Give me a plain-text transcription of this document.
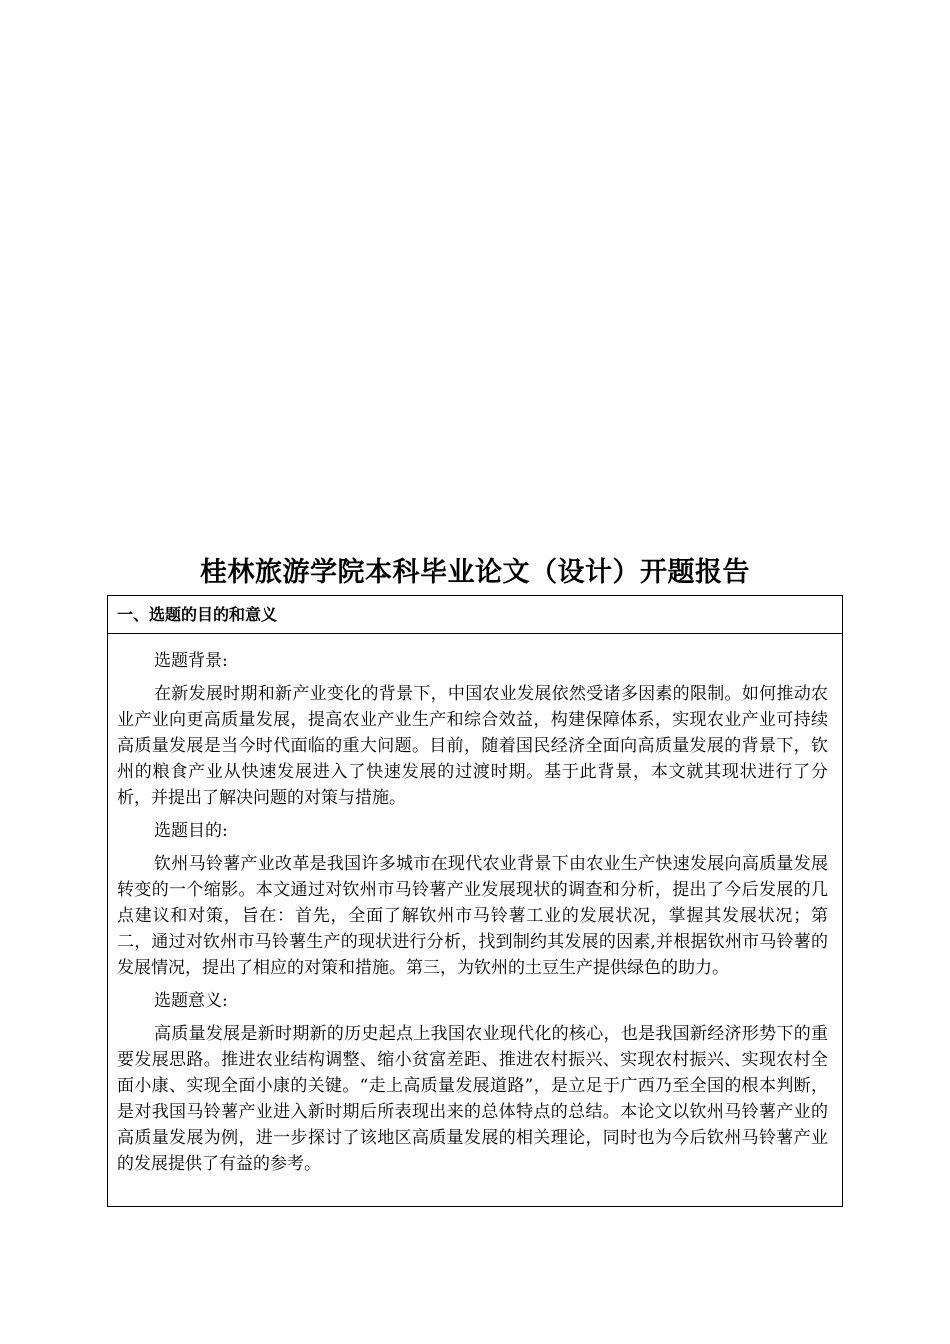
桂林旅游学院本科毕业论文（设计）开题报告
一、选题的目的和意义

选题背景:

在新发展时期和新产业变化的背景下，中国农业发展依然受诸多因素的限制。如何推动农业产业向更高质量发展，提高农业产业生产和综合效益，构建保障体系，实现农业产业可持续高质量发展是当今时代面临的重大问题。目前，随着国民经济全面向高质量发展的背景下，钦州的粮食产业从快速发展进入了快速发展的过渡时期。基于此背景，本文就其现状进行了分析，并提出了解决问题的对策与措施。

选题目的:

钦州马铃薯产业改革是我国许多城市在现代农业背景下由农业生产快速发展向高质量发展转变的一个缩影。本文通过对钦州市马铃薯产业发展现状的调查和分析，提出了今后发展的几点建议和对策，旨在：首先，全面了解钦州市马铃薯工业的发展状况，掌握其发展状况；第二，通过对钦州市马铃薯生产的现状进行分析，找到制约其发展的因素,并根据钦州市马铃薯的发展情况，提出了相应的对策和措施。第三，为钦州的土豆生产提供绿色的助力。

选题意义:

高质量发展是新时期新的历史起点上我国农业现代化的核心，也是我国新经济形势下的重要发展思路。推进农业结构调整、缩小贫富差距、推进农村振兴、实现农村振兴、实现农村全面小康、实现全面小康的关键。“走上高质量发展道路”，是立足于广西乃至全国的根本判断，是对我国马铃薯产业进入新时期后所表现出来的总体特点的总结。本论文以钦州马铃薯产业的高质量发展为例，进一步探讨了该地区高质量发展的相关理论，同时也为今后钦州马铃薯产业的发展提供了有益的参考。
